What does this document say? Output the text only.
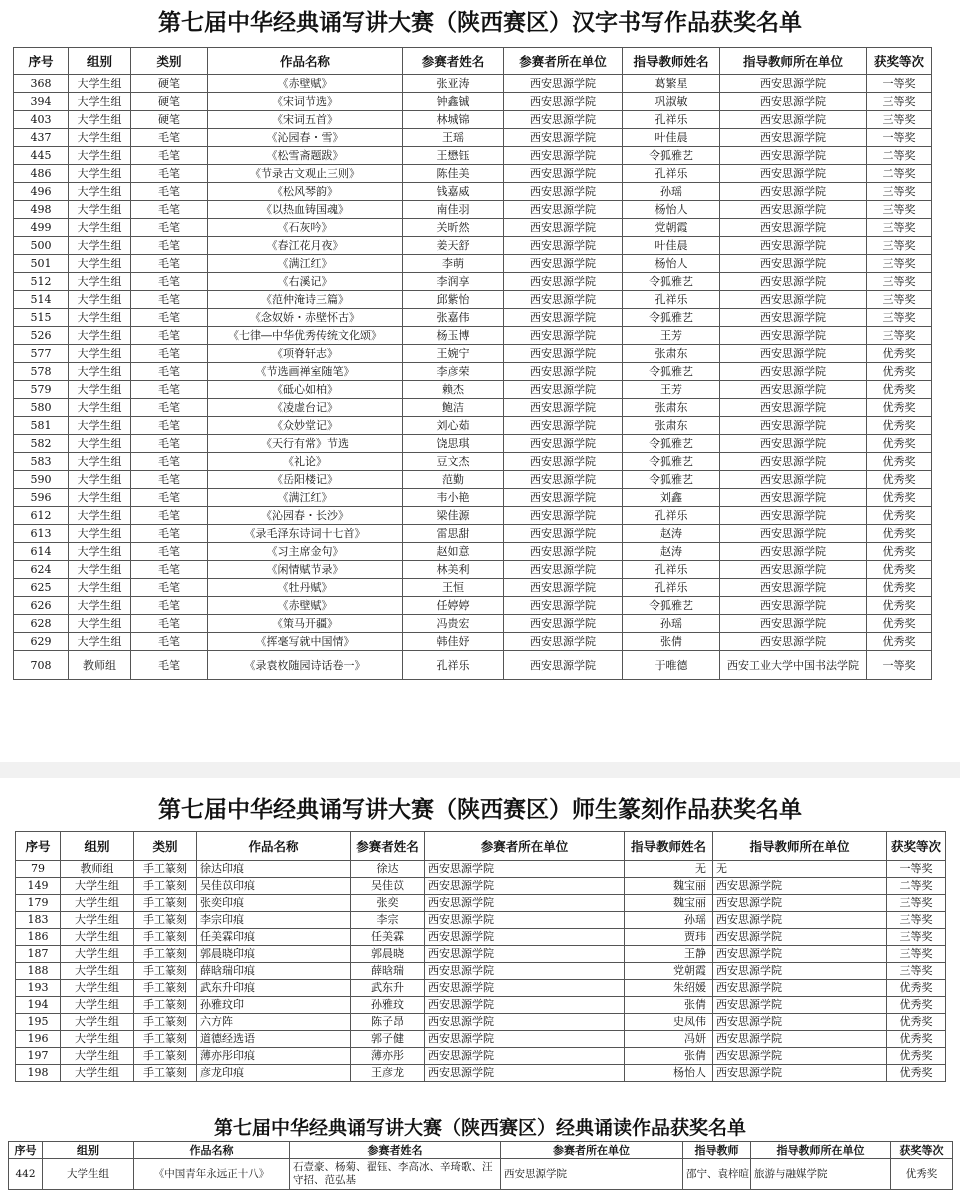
第七届中华经典诵写讲大赛（陕西赛区）汉字书写作品获奖名单
序号	组别	类别	作品名称	参赛者姓名	参赛者所在单位	指导教师姓名	指导教师所在单位	获奖等次
368	大学生组	硬笔	《赤壁赋》	张亚涛	西安思源学院	葛繁星	西安思源学院	一等奖
394	大学生组	硬笔	《宋词节选》	钟鑫铖	西安思源学院	巩淑敏	西安思源学院	三等奖
403	大学生组	硬笔	《宋词五首》	林城锦	西安思源学院	孔祥乐	西安思源学院	三等奖
437	大学生组	毛笔	《沁园春・雪》	王瑶	西安思源学院	叶佳晨	西安思源学院	一等奖
445	大学生组	毛笔	《松雪斋题跋》	王懋钰	西安思源学院	令狐雅艺	西安思源学院	二等奖
486	大学生组	毛笔	《节录古文观止三则》	陈佳美	西安思源学院	孔祥乐	西安思源学院	二等奖
496	大学生组	毛笔	《松风琴韵》	钱嘉威	西安思源学院	孙瑶	西安思源学院	三等奖
498	大学生组	毛笔	《以热血铸国魂》	南佳羽	西安思源学院	杨怡人	西安思源学院	三等奖
499	大学生组	毛笔	《石灰吟》	关昕然	西安思源学院	党朝霞	西安思源学院	三等奖
500	大学生组	毛笔	《春江花月夜》	姜天舒	西安思源学院	叶佳晨	西安思源学院	三等奖
501	大学生组	毛笔	《满江红》	李萌	西安思源学院	杨怡人	西安思源学院	三等奖
512	大学生组	毛笔	《右溪记》	李润享	西安思源学院	令狐雅艺	西安思源学院	三等奖
514	大学生组	毛笔	《范仲淹诗三篇》	邱紫怡	西安思源学院	孔祥乐	西安思源学院	三等奖
515	大学生组	毛笔	《念奴娇・赤壁怀古》	张嘉伟	西安思源学院	令狐雅艺	西安思源学院	三等奖
526	大学生组	毛笔	《七律―中华优秀传统文化颂》	杨玉博	西安思源学院	王芳	西安思源学院	三等奖
577	大学生组	毛笔	《项脊轩志》	王婉宁	西安思源学院	张肃东	西安思源学院	优秀奖
578	大学生组	毛笔	《节选画禅室随笔》	李彦荣	西安思源学院	令狐雅艺	西安思源学院	优秀奖
579	大学生组	毛笔	《砥心如柏》	赖杰	西安思源学院	王芳	西安思源学院	优秀奖
580	大学生组	毛笔	《凌虚台记》	鲍洁	西安思源学院	张肃东	西安思源学院	优秀奖
581	大学生组	毛笔	《众妙堂记》	刘心茹	西安思源学院	张肃东	西安思源学院	优秀奖
582	大学生组	毛笔	《天行有常》节选	饶思琪	西安思源学院	令狐雅艺	西安思源学院	优秀奖
583	大学生组	毛笔	《礼论》	豆文杰	西安思源学院	令狐雅艺	西安思源学院	优秀奖
590	大学生组	毛笔	《岳阳楼记》	范勤	西安思源学院	令狐雅艺	西安思源学院	优秀奖
596	大学生组	毛笔	《满江红》	韦小艳	西安思源学院	刘鑫	西安思源学院	优秀奖
612	大学生组	毛笔	《沁园春・长沙》	梁佳源	西安思源学院	孔祥乐	西安思源学院	优秀奖
613	大学生组	毛笔	《录毛泽东诗词十七首》	雷思甜	西安思源学院	赵涛	西安思源学院	优秀奖
614	大学生组	毛笔	《习主席金句》	赵如意	西安思源学院	赵涛	西安思源学院	优秀奖
624	大学生组	毛笔	《闲情赋节录》	林美利	西安思源学院	孔祥乐	西安思源学院	优秀奖
625	大学生组	毛笔	《牡丹赋》	王恒	西安思源学院	孔祥乐	西安思源学院	优秀奖
626	大学生组	毛笔	《赤壁赋》	任婷婷	西安思源学院	令狐雅艺	西安思源学院	优秀奖
628	大学生组	毛笔	《策马开疆》	冯贵宏	西安思源学院	孙瑶	西安思源学院	优秀奖
629	大学生组	毛笔	《挥毫写就中国情》	韩佳妤	西安思源学院	张倩	西安思源学院	优秀奖
708	教师组	毛笔	《录袁枚随园诗话卷一》	孔祥乐	西安思源学院	于唯德	西安工业大学中国书法学院	一等奖
第七届中华经典诵写讲大赛（陕西赛区）师生篆刻作品获奖名单
序号	组别	类别	作品名称	参赛者姓名	参赛者所在单位	指导教师姓名	指导教师所在单位	获奖等次
79	教师组	手工篆刻	徐达印痕	徐达	西安思源学院	无	无	一等奖
149	大学生组	手工篆刻	吴佳苡印痕	吴佳苡	西安思源学院	魏宝丽	西安思源学院	二等奖
179	大学生组	手工篆刻	张奕印痕	张奕	西安思源学院	魏宝丽	西安思源学院	三等奖
183	大学生组	手工篆刻	李宗印痕	李宗	西安思源学院	孙瑶	西安思源学院	三等奖
186	大学生组	手工篆刻	任美霖印痕	任美霖	西安思源学院	贾玮	西安思源学院	三等奖
187	大学生组	手工篆刻	郭晨晓印痕	郭晨晓	西安思源学院	王静	西安思源学院	三等奖
188	大学生组	手工篆刻	薛晗瑞印痕	薛晗瑞	西安思源学院	党朝霞	西安思源学院	三等奖
193	大学生组	手工篆刻	武东升印痕	武东升	西安思源学院	朱绍媛	西安思源学院	优秀奖
194	大学生组	手工篆刻	孙雅玟印	孙雅玟	西安思源学院	张倩	西安思源学院	优秀奖
195	大学生组	手工篆刻	六方阵	陈子昂	西安思源学院	史凤伟	西安思源学院	优秀奖
196	大学生组	手工篆刻	道德经选语	郭子健	西安思源学院	冯妍	西安思源学院	优秀奖
197	大学生组	手工篆刻	薄亦彤印痕	薄亦彤	西安思源学院	张倩	西安思源学院	优秀奖
198	大学生组	手工篆刻	彦龙印痕	王彦龙	西安思源学院	杨怡人	西安思源学院	优秀奖
第七届中华经典诵写讲大赛（陕西赛区）经典诵读作品获奖名单
序号	组别	作品名称	参赛者姓名	参赛者所在单位	指导教师	指导教师所在单位	获奖等次
442	大学生组	《中国青年永远正十八》	石壹豪、杨菊、翟钰、李高冰、辛琦歌、汪守招、范弘基	西安思源学院	邵宁、袁梓暄	旅游与融媒学院	优秀奖
